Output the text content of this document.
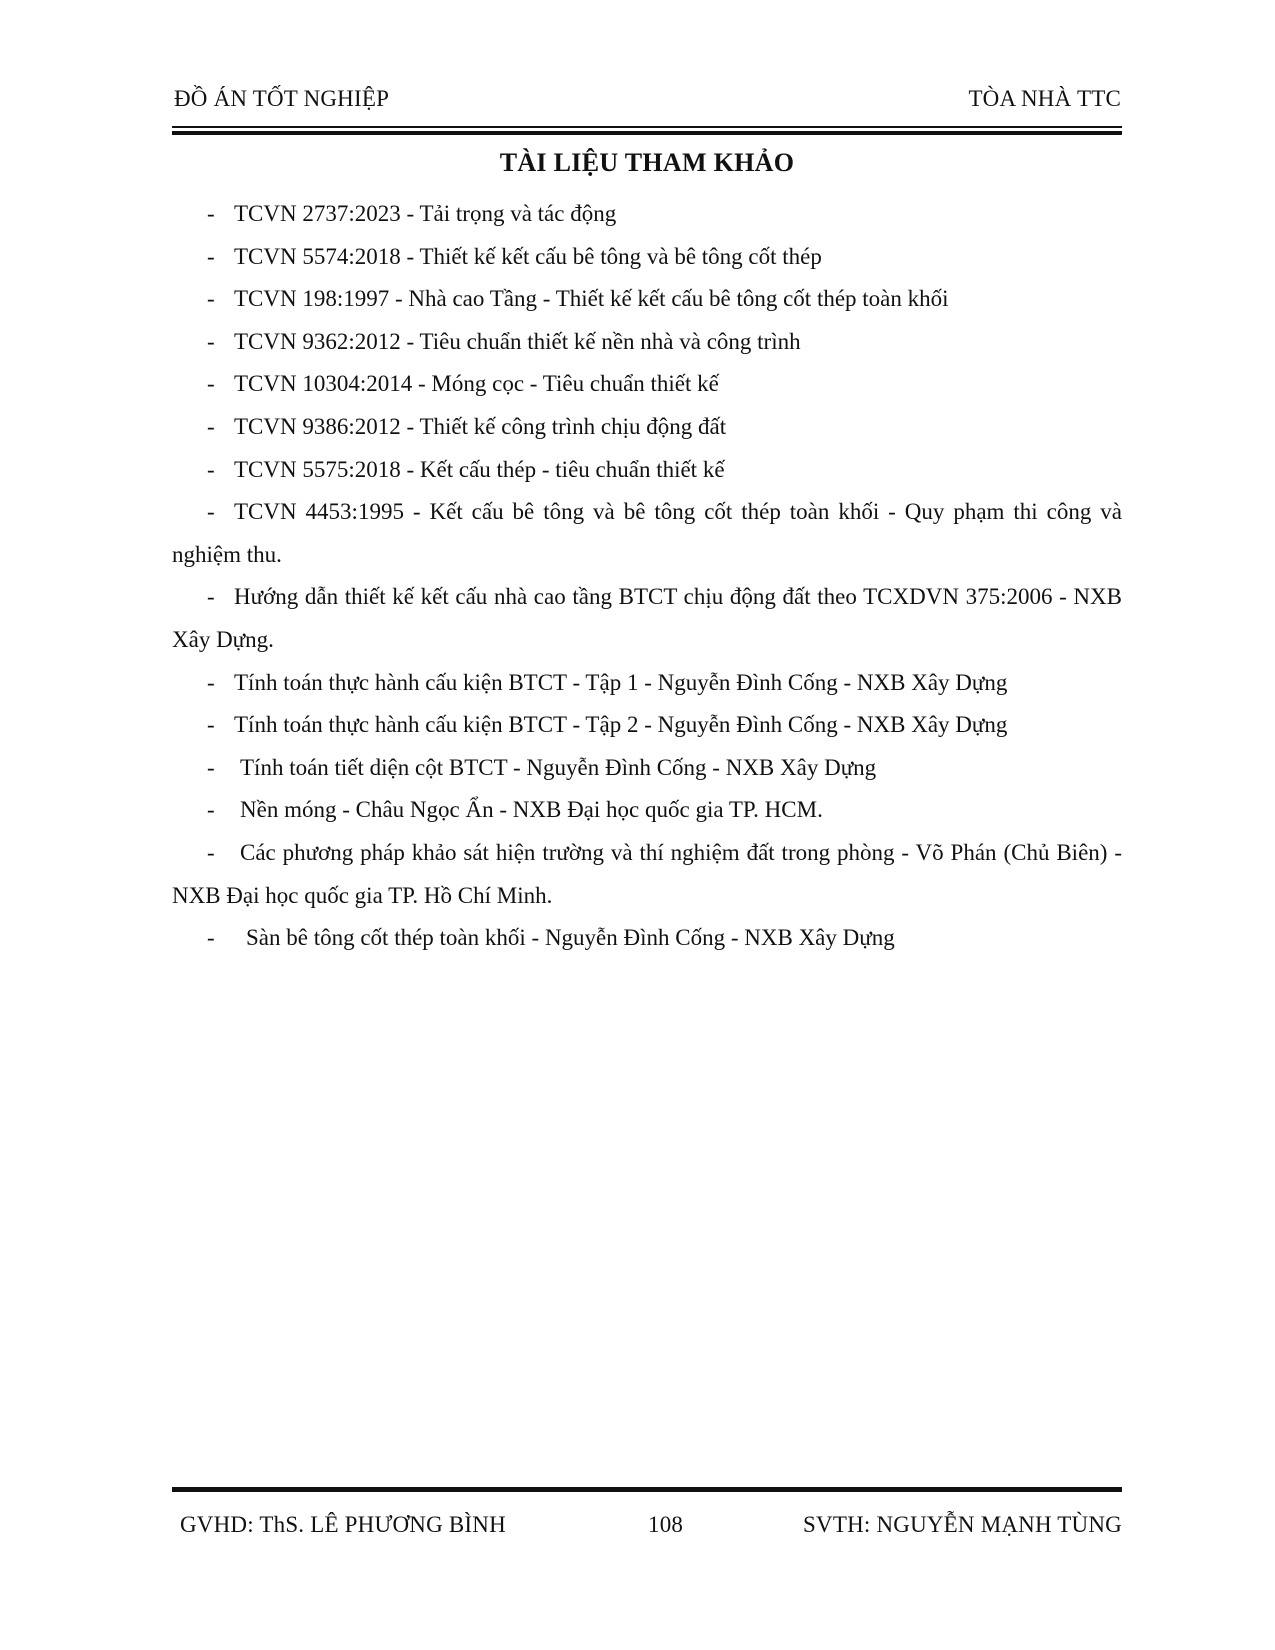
ĐỒ ÁN TỐT NGHIỆP	TÒA NHÀ TTC
TÀI LIỆU THAM KHẢO
- TCVN 2737:2023 - Tải trọng và tác động
- TCVN 5574:2018 - Thiết kế kết cấu bê tông và bê tông cốt thép
- TCVN 198:1997 - Nhà cao Tầng - Thiết kế kết cấu bê tông cốt thép toàn khối
- TCVN 9362:2012 - Tiêu chuẩn thiết kế nền nhà và công trình
- TCVN 10304:2014 - Móng cọc - Tiêu chuẩn thiết kế
- TCVN 9386:2012 - Thiết kế công trình chịu động đất
- TCVN 5575:2018 - Kết cấu thép - tiêu chuẩn thiết kế
- TCVN 4453:1995 - Kết cấu bê tông và bê tông cốt thép toàn khối - Quy phạm thi công và nghiệm thu.
- Hướng dẫn thiết kế kết cấu nhà cao tầng BTCT chịu động đất theo TCXDVN 375:2006 - NXB Xây Dựng.
- Tính toán thực hành cấu kiện BTCT - Tập 1 - Nguyễn Đình Cống - NXB Xây Dựng
- Tính toán thực hành cấu kiện BTCT - Tập 2 - Nguyễn Đình Cống - NXB Xây Dựng
- Tính toán tiết diện cột BTCT - Nguyễn Đình Cống - NXB Xây Dựng
- Nền móng - Châu Ngọc Ẩn - NXB Đại học quốc gia TP. HCM.
- Các phương pháp khảo sát hiện trường và thí nghiệm đất trong phòng - Võ Phán (Chủ Biên) - NXB Đại học quốc gia TP. Hồ Chí Minh.
- Sàn bê tông cốt thép toàn khối - Nguyễn Đình Cống - NXB Xây Dựng
GVHD: ThS. LÊ PHƯƠNG BÌNH	108	SVTH: NGUYỄN MẠNH TÙNG
